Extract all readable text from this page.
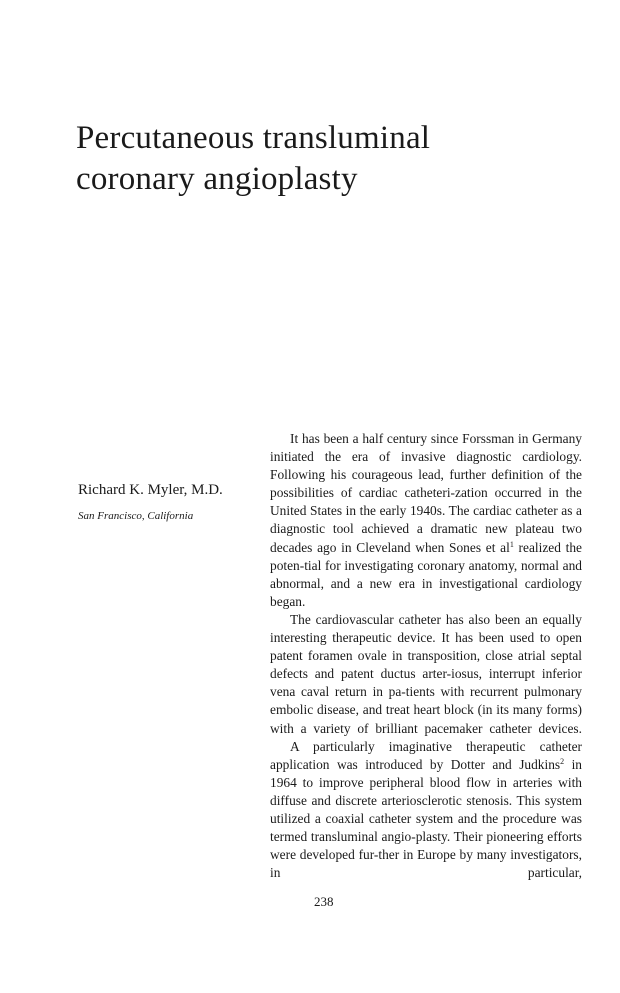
Percutaneous transluminal
coronary angioplasty
Richard K. Myler, M.D.
San Francisco, California

It has been a half century since Forssman in Germany initiated the era of invasive diagnostic cardiology. Following his courageous lead, further definition of the possibilities of cardiac catheteri-zation occurred in the United States in the early 1940s. The cardiac catheter as a diagnostic tool achieved a dramatic new plateau two decades ago in Cleveland when Sones et $al^1$ realized the poten-tial for investigating coronary anatomy, normal and abnormal, and a new era in investigational cardiology began.

The cardiovascular catheter has also been an equally interesting therapeutic device. It has been used to open patent foramen ovale in transposition, close atrial septal defects and patent ductus arter-iosus, interrupt inferior vena caval return in pa-tients with recurrent pulmonary embolic disease, and treat heart block (in its many forms) with a variety of brilliant pacemaker catheter devices.

A particularly imaginative therapeutic catheter application was introduced by Dotter and Judkins$^2$ in 1964 to improve peripheral blood flow in arteries with diffuse and discrete arteriosclerotic stenosis. This system utilized a coaxial catheter system and the procedure was termed transluminal angio-plasty. Their pioneering efforts were developed fur-ther in Europe by many investigators, in particular,

238
